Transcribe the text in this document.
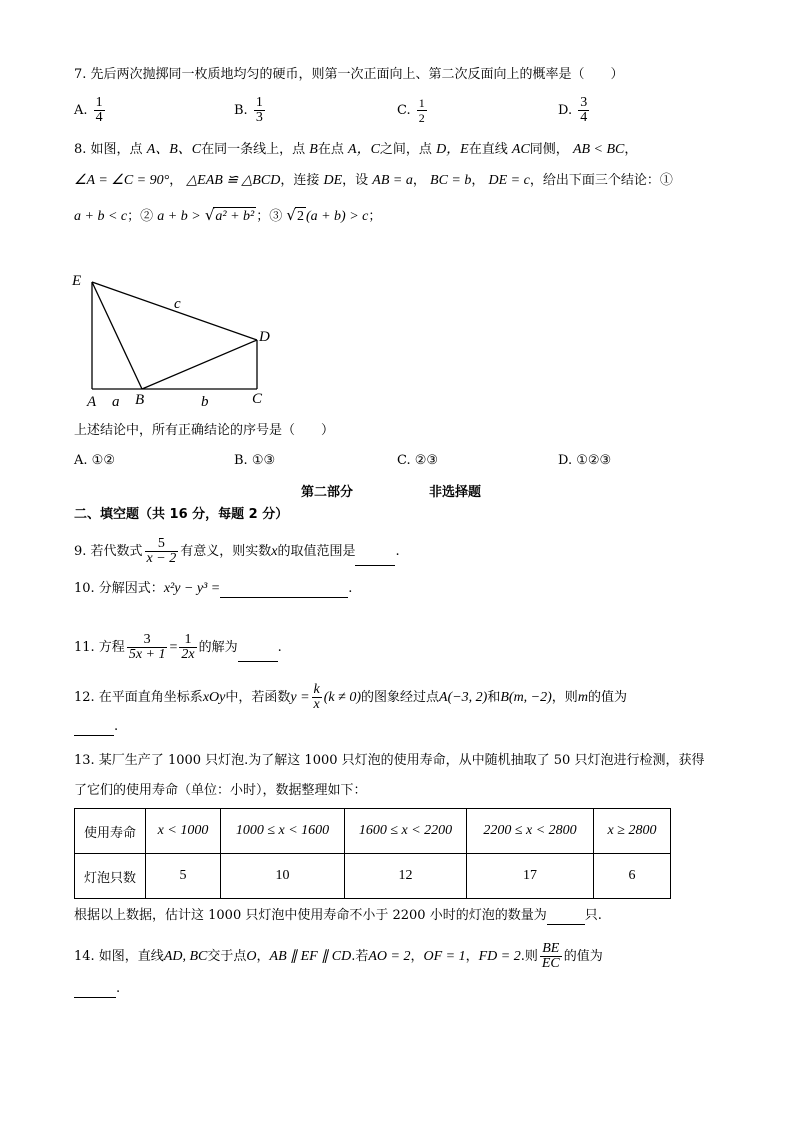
7. 先后两次抛掷同一枚质地均匀的硬币，则第一次正面向上、第二次反面向上的概率是（　　）
A. $\frac{1}{4}$	B. $\frac{1}{3}$	C. $\frac{1}{2}$	D. $\frac{3}{4}$
8. 如图，点 A、B、C在同一条线上，点 B在点 A，C之间，点 D，E在直线 AC同侧， AB < BC，
∠A = ∠C = 90°， △EAB ≌ △BCD，连接 DE，设 AB = a， BC = b， DE = c，给出下面三个结论：①
a + b < c；② a + b > √a² + b² ；③ √2 (a + b) > c；
E
D
A a B	b	C
c
上述结论中，所有正确结论的序号是（　　）
A. ①②	B. ①③	C. ②③	D. ①②③
第二部分	非选择题
二、填空题（共 16 分，每题 2 分）
9. 若代数式 $\frac{5}{x - 2}$ 有意义，则实数x的取值范围是	.
10. 分解因式：x²y − y³ =	.
11. 方程 $\frac{3}{5x + 1} = \frac{1}{2x}$ 的解为	.
12. 在平面直角坐标系xOy中，若函数$y = \frac{k}{x} (k \ne 0)$的图象经过点A(−3, 2)和B(m, −2)，则m的值为
.
13. 某厂生产了 1000 只灯泡.为了解这 1000 只灯泡的使用寿命，从中随机抽取了 50 只灯泡进行检测，获得
了它们的使用寿命（单位：小时），数据整理如下：
使用寿命	x < 1000	1000 ≤ x < 1600	1600 ≤ x < 2200	2200 ≤ x < 2800	x ≥ 2800
灯泡只数	5	10	12	17	6
根据以上数据，估计这 1000 只灯泡中使用寿命不小于 2200 小时的灯泡的数量为	只.
14. 如图，直线AD, BC交于点O，AB ∥ EF ∥ CD.若AO = 2，OF = 1，FD = 2.则 $\frac{BE}{EC}$ 的值为
.
